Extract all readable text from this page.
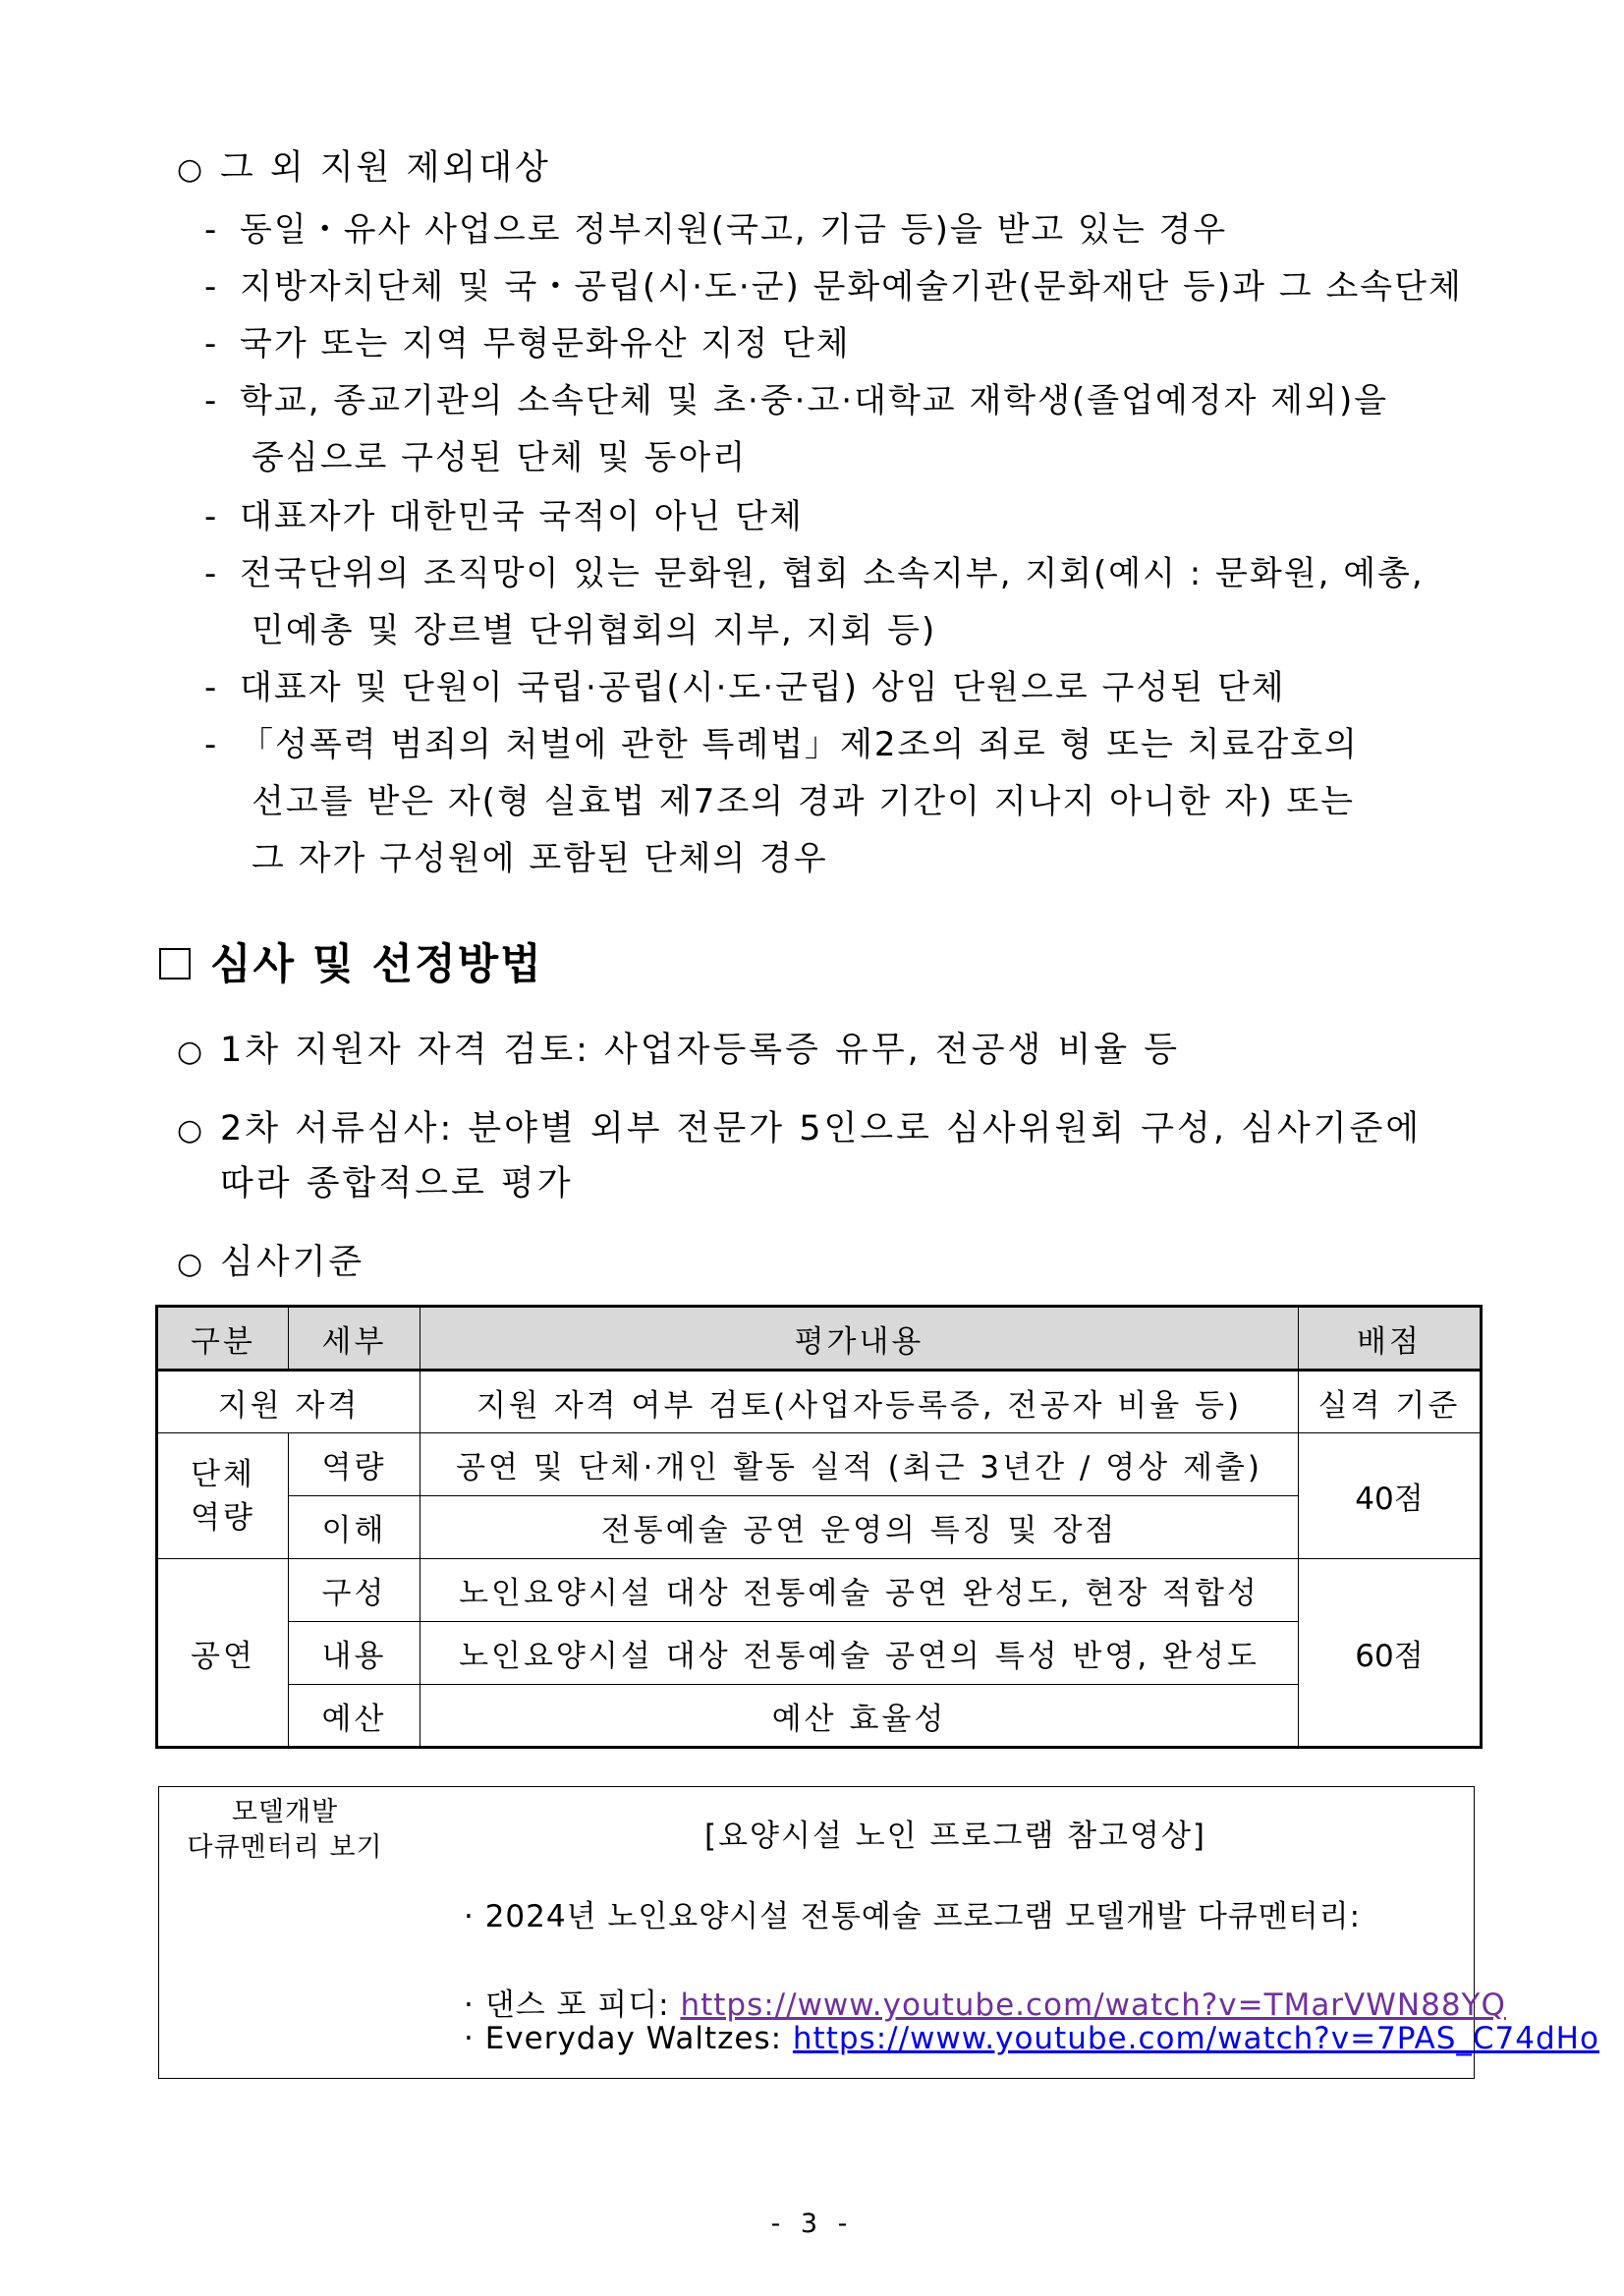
○ 그 외 지원 제외대상
- 동일・유사 사업으로 정부지원(국고, 기금 등)을 받고 있는 경우
- 지방자치단체 및 국・공립(시·도·군) 문화예술기관(문화재단 등)과 그 소속단체
- 국가 또는 지역 무형문화유산 지정 단체
- 학교, 종교기관의 소속단체 및 초·중·고·대학교 재학생(졸업예정자 제외)을
중심으로 구성된 단체 및 동아리
- 대표자가 대한민국 국적이 아닌 단체
- 전국단위의 조직망이 있는 문화원, 협회 소속지부, 지회(예시 : 문화원, 예총,
민예총 및 장르별 단위협회의 지부, 지회 등)
- 대표자 및 단원이 국립·공립(시·도·군립) 상임 단원으로 구성된 단체
- 「성폭력 범죄의 처벌에 관한 특례법」제2조의 죄로 형 또는 치료감호의
선고를 받은 자(형 실효법 제7조의 경과 기간이 지나지 아니한 자) 또는
그 자가 구성원에 포함된 단체의 경우
심사 및 선정방법
○ 1차 지원자 자격 검토: 사업자등록증 유무, 전공생 비율 등
○ 2차 서류심사: 분야별 외부 전문가 5인으로 심사위원회 구성, 심사기준에
따라 종합적으로 평가
○ 심사기준
구분	세부	평가내용	배점
지원 자격		지원 자격 여부 검토(사업자등록증, 전공자 비율 등)	실격 기준
단체 역량	역량	공연 및 단체·개인 활동 실적 (최근 3년간 / 영상 제출)	40점
	이해	전통예술 공연 운영의 특징 및 장점	
공연	구성	노인요양시설 대상 전통예술 공연 완성도, 현장 적합성	60점
	내용	노인요양시설 대상 전통예술 공연의 특성 반영, 완성도	
	예산	예산 효율성	
모델개발
다큐멘터리 보기	[요양시설 노인 프로그램 참고영상]
· 2024년 노인요양시설 전통예술 프로그램 모델개발 다큐멘터리:
· 댄스 포 피디: https://www.youtube.com/watch?v=TMarVWN88YQ
· Everyday Waltzes: https://www.youtube.com/watch?v=7PAS_C74dHo
- 3 -
